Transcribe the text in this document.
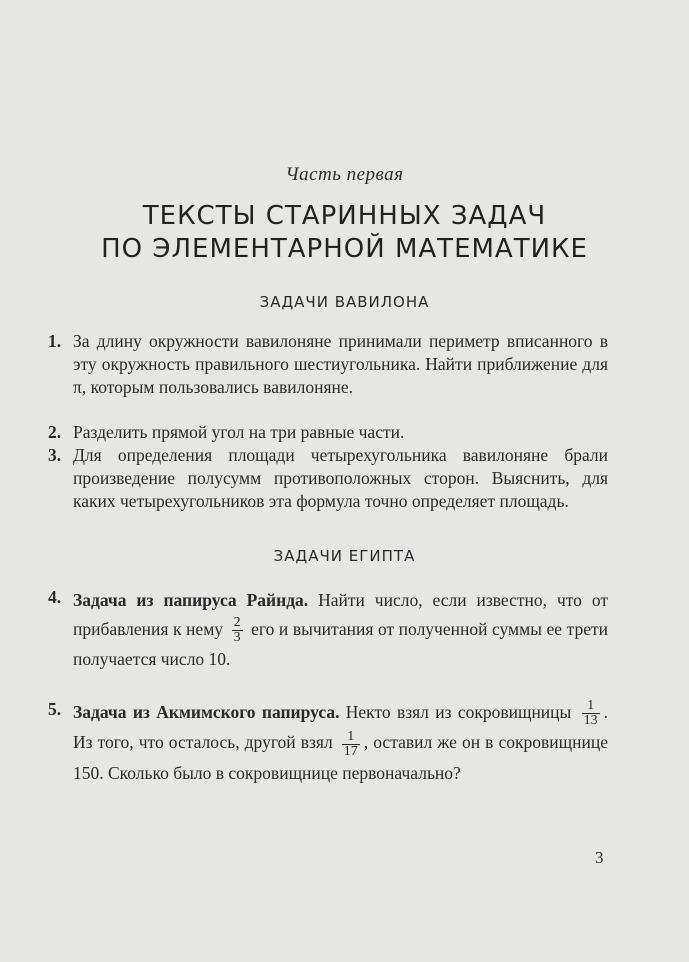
Часть первая
ТЕКСТЫ СТАРИННЫХ ЗАДАЧ
ПО ЭЛЕМЕНТАРНОЙ МАТЕМАТИКЕ
ЗАДАЧИ ВАВИЛОНА
1. За длину окружности вавилоняне принимали периметр вписанного в эту окружность правильного шестиугольника. Найти приближение для π, которым пользовались вавилоняне.
2. Разделить прямой угол на три равные части.
3. Для определения площади четырехугольника вавилоняне брали произведение полусумм противоположных сторон. Выяснить, для каких четырехугольников эта формула точно определяет площадь.
ЗАДАЧИ ЕГИПТА
4. Задача из папируса Райнда. Найти число, если известно, что от прибавления к нему $\frac{2}{3}$ его и вычитания от полученной суммы ее трети получается число 10.
5. Задача из Акмимского папируса. Некто взял из сокровищницы $\frac{1}{13}$ . Из того, что осталось, другой взял $\frac{1}{17}$ , оставил же он в сокровищнице 150. Сколько было в сокровищнице первоначально?
3
